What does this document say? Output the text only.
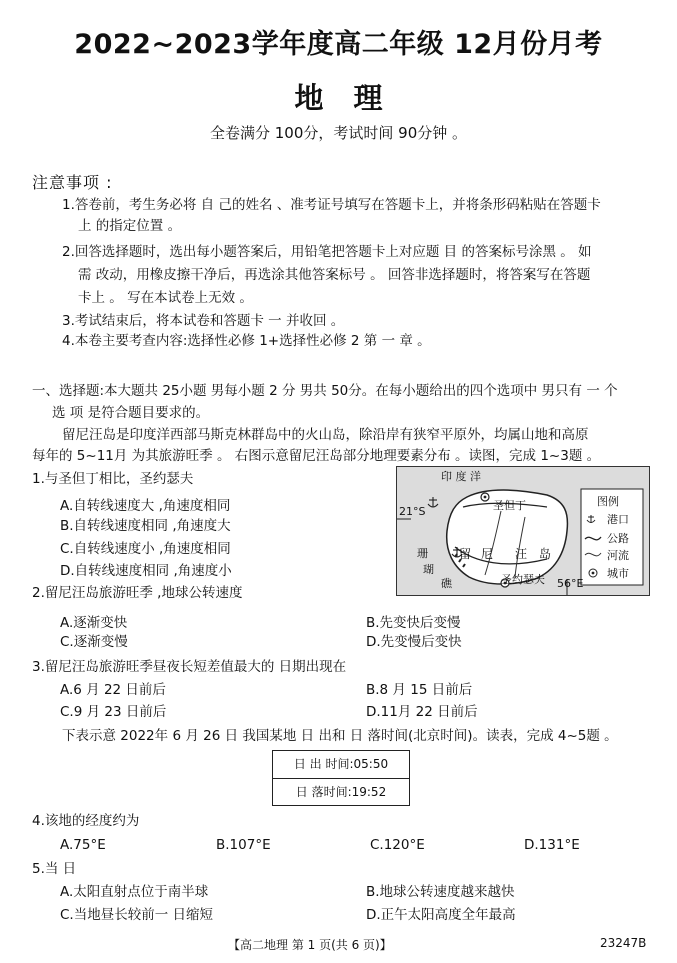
2022~2023学年度高二年级 12月份月考
地理
全卷满分 100分，考试时间 90分钟 。
注意事项 :
1.答卷前，考生务必将 自 己的姓名 、准考证号填写在答题卡上，并将条形码粘贴在答题卡
上 的指定位置 。
2.回答选择题时，选出每小题答案后，用铅笔把答题卡上对应题 目 的答案标号涂黑 。 如
需 改动，用橡皮擦干净后，再选涂其他答案标号 。 回答非选择题时，将答案写在答题
卡上 。 写在本试卷上无效 。
3.考试结束后，将本试卷和答题卡 一 并收回 。
4.本卷主要考查内容:选择性必修 1+选择性必修 2 第 一 章 。
一、选择题:本大题共 25小题 男每小题 2 分 男共 50分。在每小题给出的四个选项中 男只有 一 个
选 项 是符合题目要求的。
留尼汪岛是印度洋西部马斯克林群岛中的火山岛，除沿岸有狭窄平原外，均属山地和高原
每年的 5~11月 为其旅游旺季 。 右图示意留尼汪岛部分地理要素分布 。读图，完成 1~3题 。
1.与圣但丁相比，圣约瑟夫
A.自转线速度大 ,角速度相同
B.自转线速度相同 ,角速度大
C.自转线速度小 ,角速度相同
D.自转线速度相同 ,角速度小
印 度 洋
21°S
56°E
圣但丁
圣约瑟夫
留 尼 汪 岛
珊
瑚
礁
图例
港口
公路
河流
城市
2.留尼汪岛旅游旺季 ,地球公转速度
A.逐渐变快	B.先变快后变慢
C.逐渐变慢	D.先变慢后变快
3.留尼汪岛旅游旺季昼夜长短差值最大的 日期出现在
A.6 月 22 日前后	B.8 月 15 日前后
C.9 月 23 日前后	D.11月 22 日前后
下表示意 2022年 6 月 26 日 我国某地 日 出和 日 落时间(北京时间)。读表，完成 4~5题 。
日 出 时间:05:50
日 落时间:19:52
4.该地的经度约为
A.75°E	B.107°E	C.120°E	D.131°E
5.当 日
A.太阳直射点位于南半球	B.地球公转速度越来越快
C.当地昼长较前一 日缩短	D.正午太阳高度全年最高
【高二地理 第 1 页(共 6 页)】	23247B
